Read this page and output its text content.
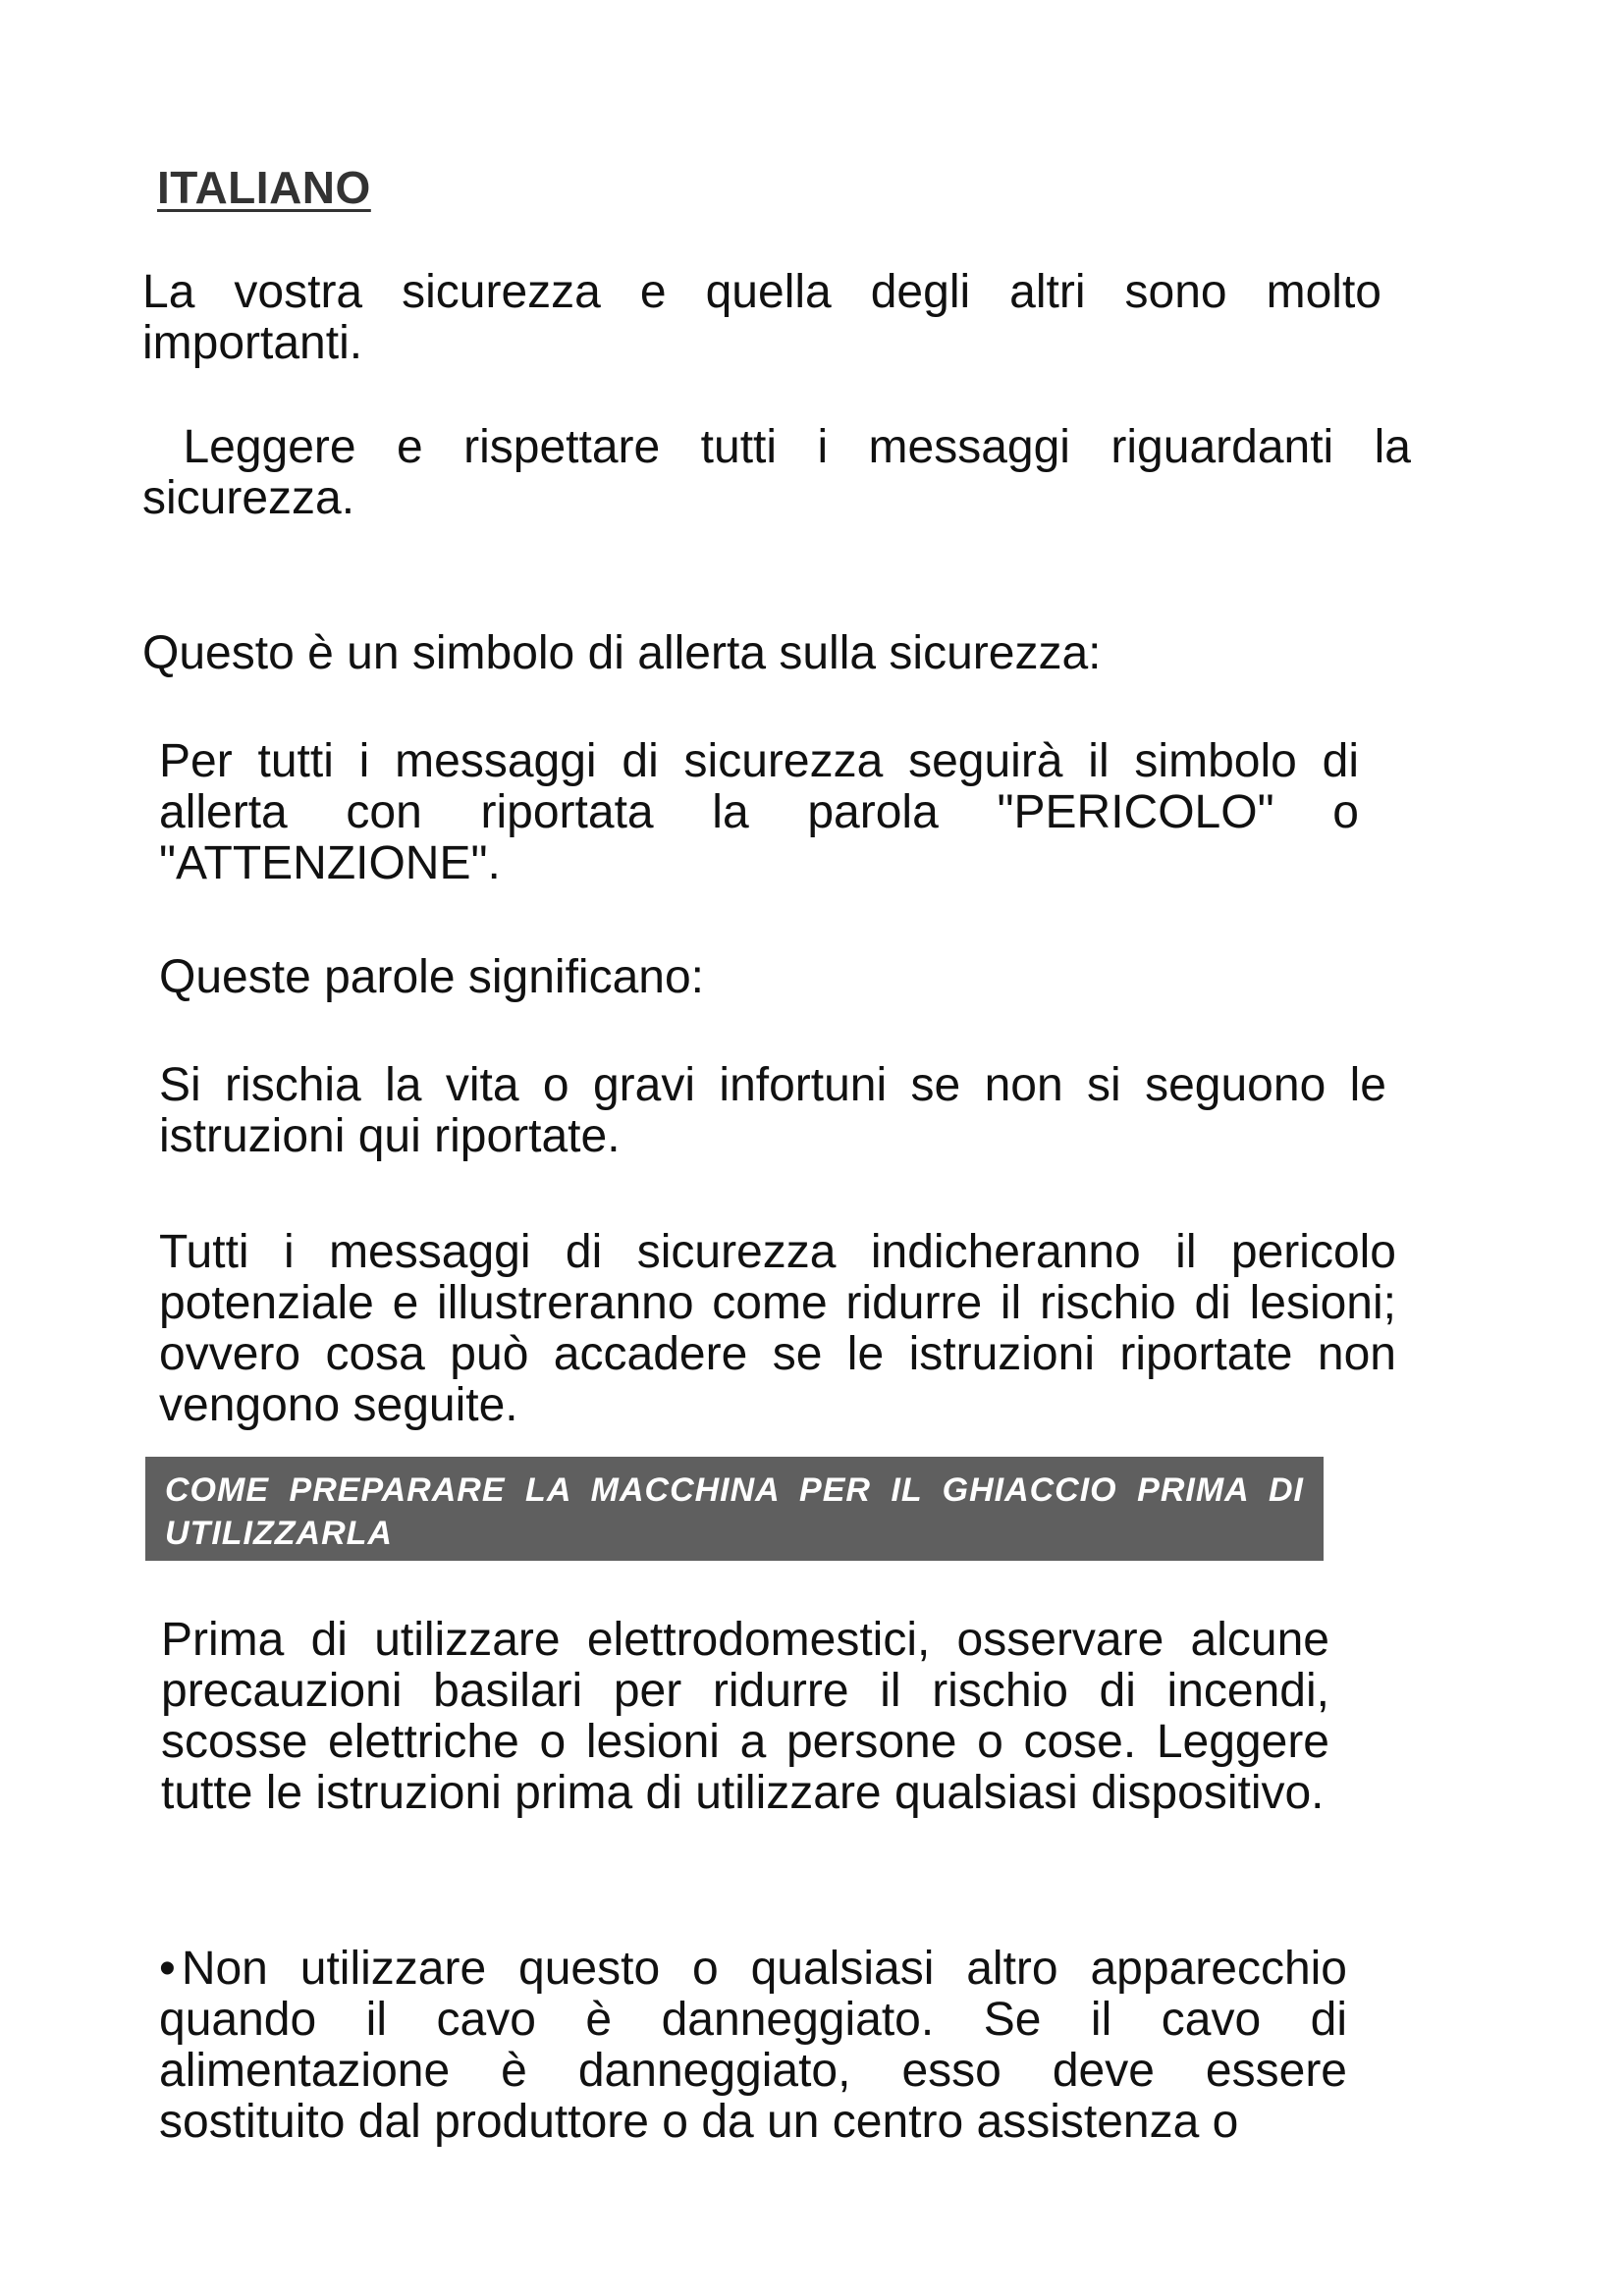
ITALIANO

La vostra sicurezza e quella degli altri sono molto importanti.

Leggere e rispettare tutti i messaggi riguardanti la sicurezza.

Questo è un simbolo di allerta sulla sicurezza:

Per tutti i messaggi di sicurezza seguirà il simbolo di allerta con riportata la parola "PERICOLO" o "ATTENZIONE".

Queste parole significano:

Si rischia la vita o gravi infortuni se non si seguono le istruzioni qui riportate.

Tutti i messaggi di sicurezza indicheranno il pericolo potenziale e illustreranno come ridurre il rischio di lesioni; ovvero cosa può accadere se le istruzioni riportate non vengono seguite.

COME PREPARARE LA MACCHINA PER IL GHIACCIO PRIMA DI UTILIZZARLA

Prima di utilizzare elettrodomestici, osservare alcune precauzioni basilari per ridurre il rischio di incendi, scosse elettriche o lesioni a persone o cose. Leggere tutte le istruzioni prima di utilizzare qualsiasi dispositivo.

• Non utilizzare questo o qualsiasi altro apparecchio quando il cavo è danneggiato. Se il cavo di alimentazione è danneggiato, esso deve essere sostituito dal produttore o da un centro assistenza o
